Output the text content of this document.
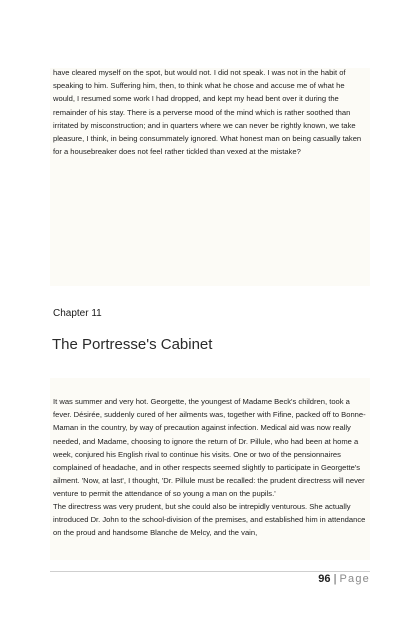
have cleared myself on the spot, but would not. I did not speak. I was not in the habit of speaking to him. Suffering him, then, to think what he chose and accuse me of what he would, I resumed some work I had dropped, and kept my head bent over it during the remainder of his stay. There is a perverse mood of the mind which is rather soothed than irritated by misconstruction; and in quarters where we can never be rightly known, we take pleasure, I think, in being consummately ignored. What honest man on being casually taken for a housebreaker does not feel rather tickled than vexed at the mistake?

Chapter 11

The Portresse's Cabinet

It was summer and very hot. Georgette, the youngest of Madame Beck's children, took a fever. Désirée, suddenly cured of her ailments was, together with Fifine, packed off to Bonne-Maman in the country, by way of precaution against infection. Medical aid was now really needed, and Madame, choosing to ignore the return of Dr. Pillule, who had been at home a week, conjured his English rival to continue his visits. One or two of the pensionnaires complained of headache, and in other respects seemed slightly to participate in Georgette's ailment. 'Now, at last', I thought, 'Dr. Pillule must be recalled: the prudent directress will never venture to permit the attendance of so young a man on the pupils.'

The directress was very prudent, but she could also be intrepidly venturous. She actually introduced Dr. John to the school-division of the premises, and established him in attendance on the proud and handsome Blanche de Melcy, and the vain,

96 | Page
